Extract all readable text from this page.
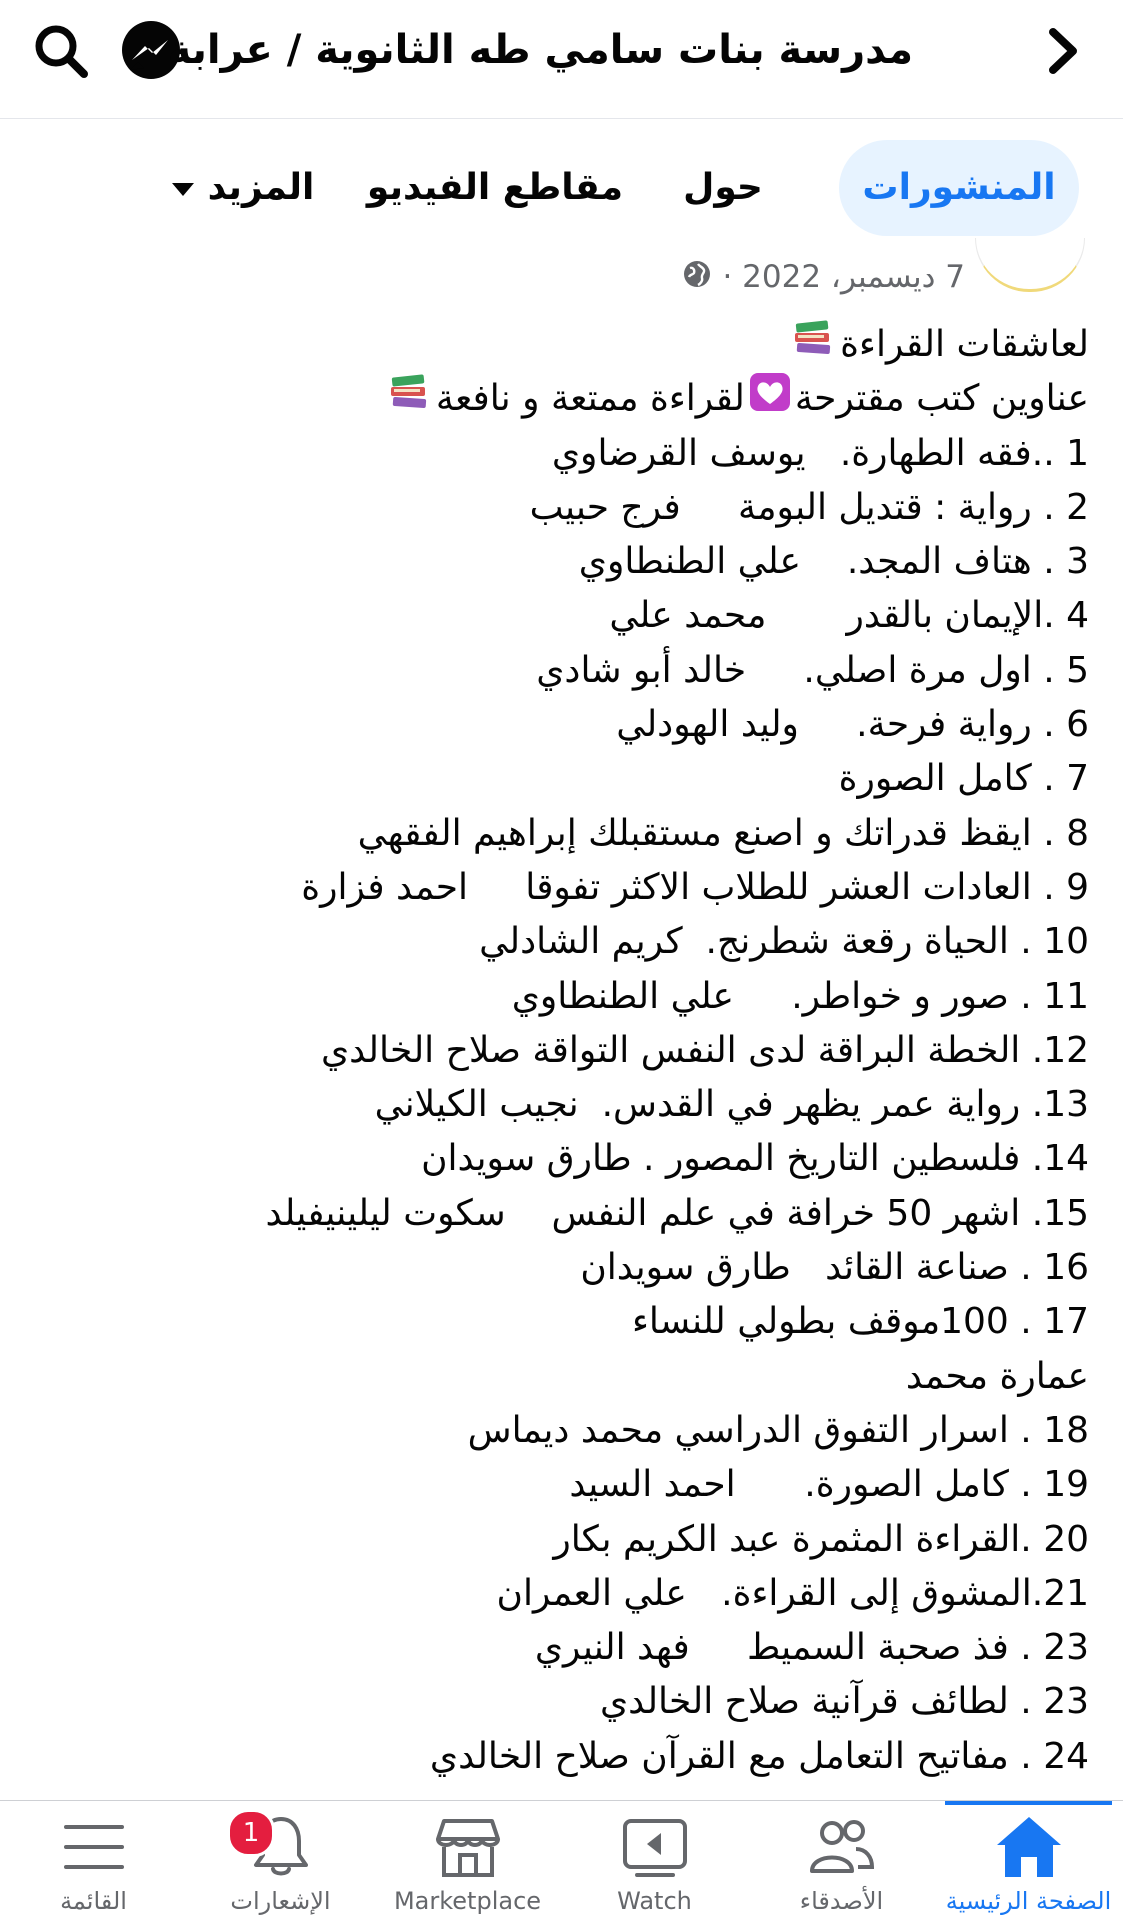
مدرسة بنات سامي طه الثانوية / عرابة
المنشورات
حول
مقاطع الفيديو
المزيد
7 ديسمبر، 2022 ·
لعاشقات القراءة
عناوين كتب مقترحةلقراءة ممتعة و نافعة
1 ..فقه الطهارة.   يوسف القرضاوي
2 . رواية : قتديل البومة     فرج حبيب
3 . هتاف المجد.    علي الطنطاوي
4 .الإيمان بالقدر       محمد علي
5 . اول مرة اصلي.     خالد أبو شادي
6 . رواية فرحة.     وليد الهودلي
7 . كامل الصورة
8 . ايقظ قدراتك و اصنع مستقبلك إبراهيم الفقهي
9 . العادات العشر للطلاب الاكثر تفوقا     احمد فزارة
10 . الحياة رقعة شطرنج.  كريم الشادلي
11 . صور و خواطر.     علي الطنطاوي
12. الخطة البراقة لدى النفس التواقة صلاح الخالدي
13. رواية عمر يظهر في القدس.  نجيب الكيلاني
14. فلسطين التاريخ المصور . طارق سويدان
15. اشهر 50 خرافة في علم النفس    سكوت ليلينيفيلد
16 . صناعة القائد   طارق سويدان
17 . 100موقف بطولي للنساء
عمارة محمد
18 . اسرار التفوق الدراسي محمد ديماس
19 . كامل الصورة.      احمد السيد
20 .القراءة المثمرة عبد الكريم بكار
21.المشوق إلى القراءة.   علي العمران
23 . فذ صحبة السميط     فهد النيري
23 . لطائف قرآنية صلاح الخالدي
24 . مفاتيح التعامل مع القرآن صلاح الخالدي
القائمة
1
الإشعارات	Marketplace	Watch	الأصدقاء	الصفحة الرئيسية
